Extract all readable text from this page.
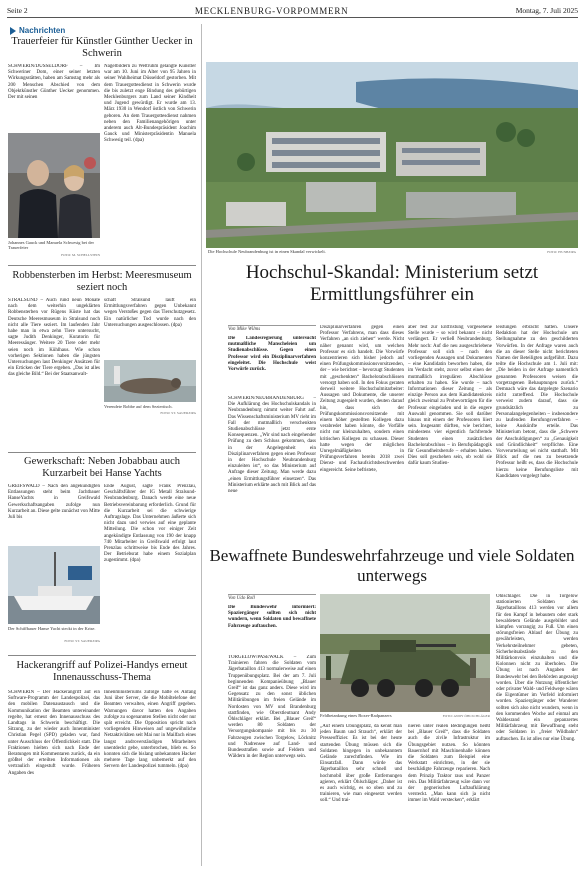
Seite 2	MECKLENBURG-VORPOMMERN	Montag, 7. Juli 2025
Nachrichten
Trauerfeier für Künstler Günther Uecker in Schwerin
SCHWERIN/DÜSSELDORF – Im Schweriner Dom, einer seiner letzten Wirkungsstätten, haben am Samstag mehr als 200 Menschen Abschied von dem Objektkünstler Günther Uecker genommen. Der mit seinen
Nagelbildern zu Weltruhm gelangte Künstler war am 10. Juni im Alter von 95 Jahren in seiner Wahlheimat Düsseldorf gestorben. Mit dem Trauergottesdienst in Schwerin wurde die bis zuletzt enge Bindung des gebürtigen Mecklenburgers zum Land seiner Kindheit und Jugend gewürdigt. Er wurde am 13. März 1930 in Wendorf östlich von Schwerin geboren. An dem Trauergottesdienst nahmen neben den Familienangehörigen unter anderem auch Alt-Bundespräsident Joachim Gauck und Ministerpräsidentin Manuela Schwesig teil. (dpa)
Johannes Gauck und Manuela Schwesig bei der Trauerfeier
FOTO: M. SCHELLSTEIN
Robbensterben im Herbst: Meeresmuseum seziert noch
STRALSUND – Auch rund neun Monate nach dem weiterhin ungeklärten Robbensterben vor Rügens Küste hat das Deutsche Meeresmuseum in Stralsund noch nicht alle Tiere seziert. Im laufenden Jahr habe man in etwa zehn Tiere untersucht, sagte Judith Denkinger, Kuratorin für Meeressäuger. Weitere 20 Tiere oder mehr seien noch im Kühlhaus. Wie schon vorherigen Sektionen haben die jüngsten Untersuchungen laut Denkinger Ansätzen für ein Erticken der Tiere ergeben. „Das ist alles das gleiche Bild.“ Bei der Staatsanwalt-
schaft Stralsund läuft ein Ermittlungsverfahren gegen Unbekannt wegen Verstoßes gegen das Tierschutzgesetz. Ein natürlicher Tod wurde nach den Untersuchungen ausgeschlossen. (dpa)
Verendete Robbe auf dem Seziertisch.
FOTO: ST. SAUER/DPA
Gewerkschaft: Neben Jobabbau auch Kurzarbeit bei Hanse Yachts
GREIFSWALD – Nach den angekündigten Entlassungen steht beim Jachtbauer HanseYachts in Greifswald Gewerkschaftsangaben zufolge nun Kurzarbeit an. Diese gelte zunächst von Mitte Juli bis
Ende August, sagte Frank Prenzlau, Geschäftsführer der IG Metall Stralsund-Neubrandenburg. Danach werde eine neue Betriebsvereinbarung erforderlich. Grund für die Kurzarbeit sei die schwierige Auftragslage. Das Unternehmen äußerte sich nicht dazu und verwies auf eine geplante Mitteilung. Die schon vor einiger Zeit angekündigte Entlassung von 190 der knapp 740 Mitarbeiter in Greifswald erfolgt laut Prenzlau schrittweise bis Ende des Jahres. Der Betriebsrat habe einem Sozialplan zugestimmt. (dpa)
Der Schiffbauer Hanse Yacht steckt in der Krise.
FOTO: ST. SAUER/DPA
Hackerangriff auf Polizei-Handys erneut Innenausschuss-Thema
SCHWERIN – Der Hackerangriff auf ein Software-Programm der Landespolizei, das den mobilen Datenaustausch und die Kommunikation der Beamten untereinander regelte, hat erneut den Innenausschuss des Landtags in Schwerin beschäftigt. Die Sitzung, zu der wieder auch Innenminister Christian Pegel (SPD) geladen war, fand unter Ausschluss der Öffentlichkeit statt. Die Fraktionen hielten sich nach Ende der Beratungen mit Kommentaren zurück, da ein größtel der erteilten Informationen als vertraulich eingestuft wurde. Früheren Angaben des
Innenministeriums zufolge hatte es Anfang Juni über Server, die die Mobiltelefone der Beamten verwalten, einen Angriff gegeben. Warnungen davor hatten den Angaben zufolge zu sogenannten Stellen nicht oder nur spät erreicht. Die Opposition spricht nach vorliegenden Hinweisen auf ungewöhnliche Netzaktivitäten seit Mai nur in Mailfach eines langst androverständigen Mitarbeiters unentdeckt gebe, unterbrochen, blieb es. So konnten sich die bislang unbekannten Hacker mehrere Tage lang unbemerkt auf den Servern der Landespolizei tummeln. (dpa)
Die Hochschule Neubrandenburg ist in einen Skandal verwickelt.	FOTO: HS NB/DPA
Hochschul-Skandal: Ministerium setzt Ermittlungsführer ein
Von Mike Wilms
Die Landesregierung untersucht mutmaßliche Manscheleien um Studienabschlüsse. Gegen einen Professor wird ein Disziplinarverfahren eingeleitet. Die Hochschule weist Vorwürfe zurück.
SCHWERIN/NEUBRANDENBURG – Die Aufklärung des Hochschulskandals in Neubrandenburg nimmt weiter Fahrt auf. Das Wissenschaftsministerium MV rieht im Fall der mutmaßlich verschenkten Studienabschlüsse jetzt erste Konsequenzen. „Wir sind nach eingehender Prüfung zu dem Schluss gekommen, dass in der Angelegenheit ein Disziplinarverfahren gegen einen Professor in der Hochschule Neubrandenburg einzuleiten ist“, so das Ministerium auf Anfrage dieser Zeitung. Man werde dazu „einen Ermittlungsführer einsetzen“. Das Ministerium erklärte auch mit Blick auf das neue
Disziplinarverfahren gegen einen Professor Verfahrens, man dass dieses Verfahren „an sich ziehen“ werde. Nicht näher genannt wird, um welchen Professor es sich handelt. Die Vorwürfe konzentrieren sich bisher jedoch auf einen Prüfungskommissionsvorsitzenden, der – wie berichtet – bevorzugt Studenten mit „geschenkten“ Bachelorabschlüssen versorgt haben soll. In den Fokus geraten derweil weitere Hochschulmitarbeiter: Aussagen und Dokumente, die unserer Zeitung zugespielt wurden, deuten darauf hin, dass sich der Prüfungskommissionsvorsitzende mit einem höher gestellten Kollegen dazu verabredet haben könnte, die Vorfälle nicht nur kleinzuhalten, sondern einen kritischen Kollegen zu schassen. Dieser hatte wegen der möglichen Unregelmäßigkeiten in Prüfungsverfahren bereits 2018 zwei Dienst- und Fachaufsichtsbeschwerden eingereicht. Seine befristete,
aber fest zur Entfristung vorgesehene Stelle wurde – so wird bekannt – nicht verlängert. Er verließ Neubrandenburg. Mehr noch: Auf die neu ausgeschriebene Professur soll sich – nach den vorliegenden Aussagen und Dokumenten – eine Kandidatin beworben haben, die im Verdacht steht, zuvor selbst einen der mutmaßlich irregulären Abschlüsse erhalten zu haben. Sie wurde – nach Informationen dieser Zeitung – als einzige Person aus dem Kandidatenkreis gleich zweimal zu Probevorträgen für die Professur eingeladen und in die engere Auswahl genommen. Sie soll darüber hinaus mit einem der Professoren liiert sein. Insgesamt dürften, wie berichtet, mindestens vier eigentlich fachfremde Studenten einen zusätzlichen Bachelorabschluss – in Berufspädagogik für Gesundheitsberufe – erhalten haben. Dies soll geschehen sein, ob wohl sie dafür kaum Studien-
leistungen erbracht hatten. Unsere Redaktion hat der Hochschule um Stellungnahme zu den geschilderten Vorwürfen. In der Anfrage waren auch die an dieser Stelle nicht berichteten Namen der Beteiligten aufgeführt. Dazu teilte die Hochschule am 1. Juli mit: „Die beiden in der Anfrage namentlich genannten Professoren weisen die vorgetragenen Behauptungen zurück.“ Demnach wäre das dargelegte Szenario nicht zutreffend. Die Hochschule verweist zudem darauf, dass sie grundsätzlich zu Personalangelegenheiten – insbesondere zu laufenden Berufungsverfahren – keine Auskünfte erteile. Das Ministerium betont, dass die „Schwere der Anschuldigungen“ zu „Genauigkeit und Gründlichkeit“ verpflichte. Eine Vorverurteilung sei nicht statthaft. Mit Blick auf die neu zu besetzende Professur heißt es, dass die Hochschule hierzu keine Berufungsliste mit Kandidaten vorgelegt habe.
Bewaffnete Bundeswehrfahrzeuge und viele Soldaten unterwegs
Von Udo Roll
Die Bundeswehr informiert: Spaziergänger sollten sich nicht wundern, wenn Soldaten und bewaffnete Fahrzeuge auftauchen.
TORGELOW/PASEWALK – Zum Trainieren fahren die Soldaten vom Jägerbataillon 413 normalerweise auf einen Truppenübungsplatz. Bei der am 7. Juli beginnenden Kompanieübung „Blauer Greif“ ist das ganz anders. Diese wird im Gegensatz zu den sonst üblichen Militärübungen im freien Gelände im Nordosten von MV und Brandenburg stattfinden, wie Oberstleutnant Andy Öhlschläger erklärt. Bei „Blauer Greif“ werden 80 Soldaten der Versorgungskompanie mit bis zu 30 Fahrzeugen zwischen Torgelow, Löcknitz und Nadrensee auf Land- und Bundesstraßen sowie auf Feldern und Wäldern in der Region unterwegs sein.
Feldbetankung eines Boxer-Radpanzers	FOTO: ANDY ÖHLSCHLÄGER
„Auf einem Übungsplatz, da kennt man jeden Baum und Strauch“, erklärt der Presseoffizier. Es ist bei der heute startenden Übung müssen sich die Soldaten hingegen in unbekanntem Gelände zurechtfinden. Wie im Einsatzfall. Dann würde das Jägerbataillon sehr schnell und hochmobil über große Entfernungen agieren, erklärt Öhlschläger. „Daher ist es auch wichtig, es so oben und zu trainieren, wie man eingesetzt werden soll.“ Und trai-
nieren unter realen Bedingungen heißt bei „Blauer Greif“, dass die Soldaten auch die zivile Infrastruktur im Übungsgebiet nutzen. So könnten Bauernhof mit Maschinenhalle können die Soldaten zum Beispiel eine Werkstatt einrichten, in der sie beschädigte Fahrzeuge reparieren. Nach dem Prinzip Traktor raus und Panzer rein. Das Militärfahrzeug wäre dann vor der gegnerischen Luftaufklärung versteckt. „Man kann sich ja nicht immer im Wald verstecken“, erklärt
Öhlschläger. Die in Torgelow stationierten Soldaten des Jägerbataillons 413 werden vor allem für den Kampf in bebautem oder stark bewaldetem Gelände ausgebildet und kämpfen vorrangig zu Fuß. Um einen störungsfreien Ablauf der Übung zu gewährleisten, werden Verkehrsteilnehmer gebeten, Sicherheitsabstände zu den Militärkonvois einzuhalten und die Kolonnen nicht zu überholen. Die Übung ist nach Angaben der Bundeswehr bei den Behörden angezeigt worden. Über die Nutzung öffentlicher oder privater Wald- und Feldwege wären die Eigentümer im Vorfeld informiert worden. Spaziergänger oder Wanderer sollten sich also nicht wundern, wenn in den kommenden Woche auf einmal am Waldesrand ein gepanzertes Militärfahrzeug mit Bewaffnung steht oder Soldaten in „freier Wildbahn“ auftauchen. Es ist alles nur eine Übung.
